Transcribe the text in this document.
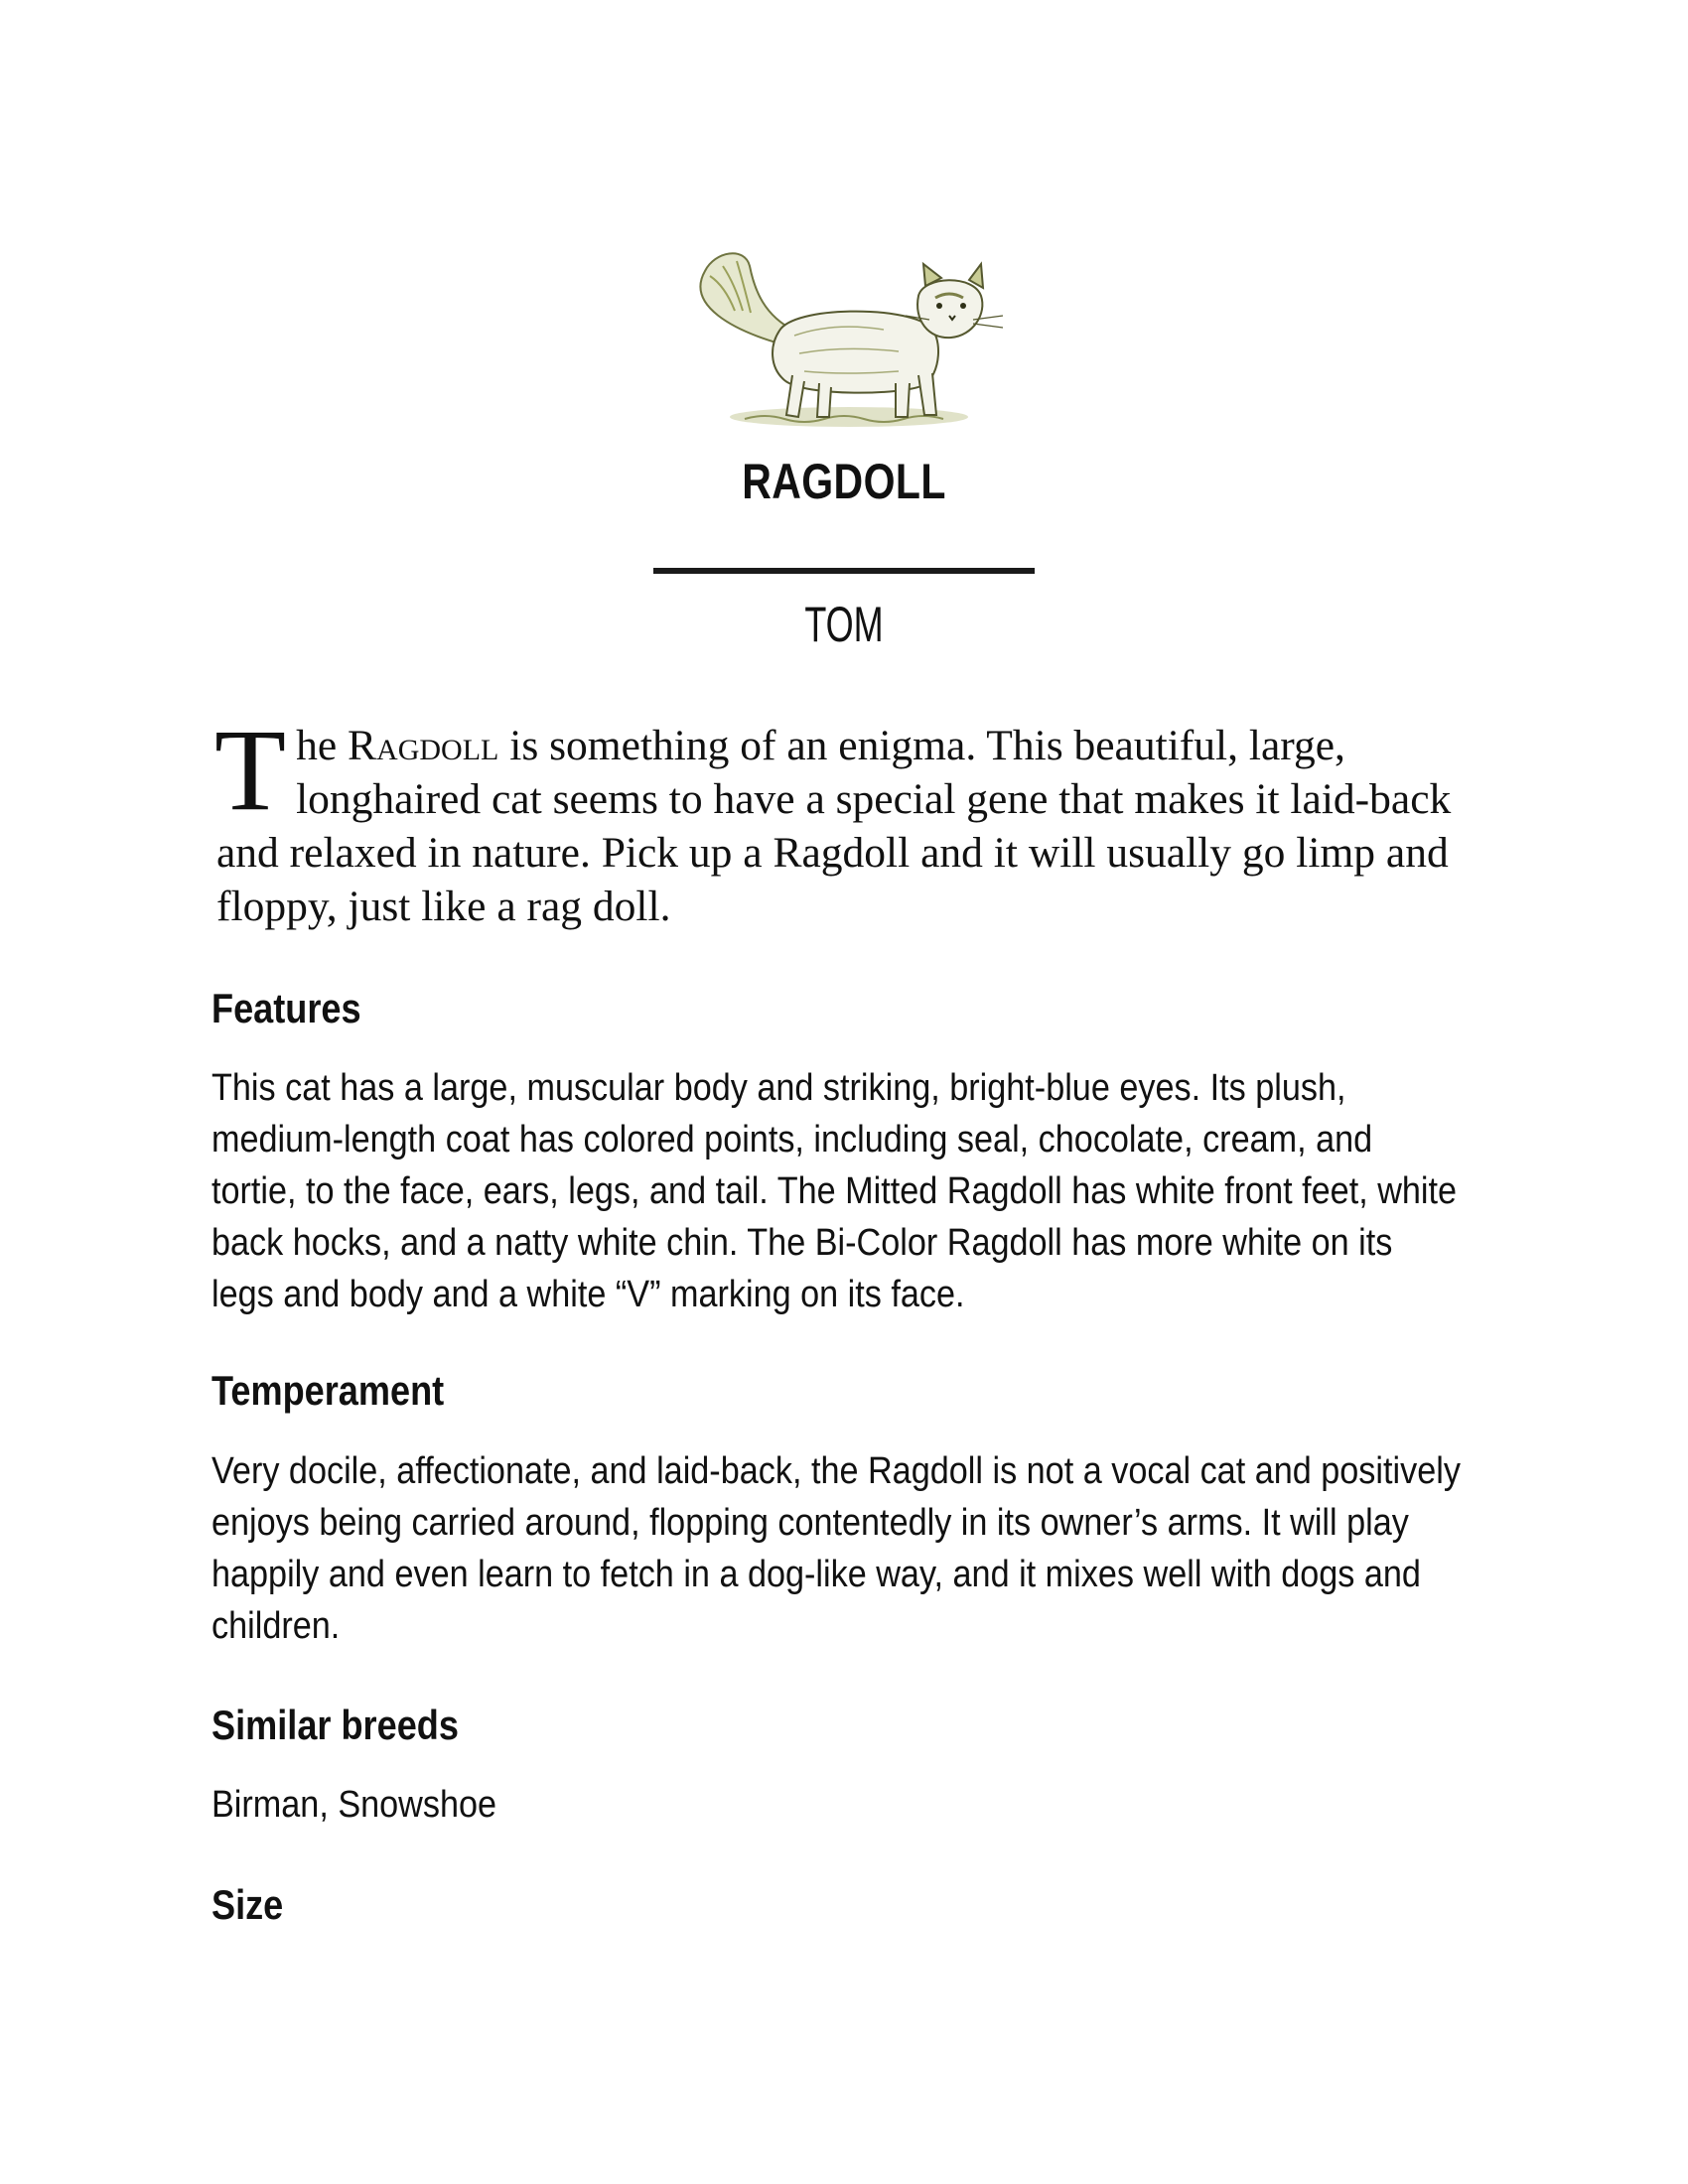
RAGDOLL
TOM

The Ragdoll is something of an enigma. This beautiful, large, longhaired cat seems to have a special gene that makes it laid-back and relaxed in nature. Pick up a Ragdoll and it will usually go limp and floppy, just like a rag doll.

Features

This cat has a large, muscular body and striking, bright-blue eyes. Its plush, medium-length coat has colored points, including seal, chocolate, cream, and tortie, to the face, ears, legs, and tail. The Mitted Ragdoll has white front feet, white back hocks, and a natty white chin. The Bi-Color Ragdoll has more white on its legs and body and a white “V” marking on its face.

Temperament

Very docile, affectionate, and laid-back, the Ragdoll is not a vocal cat and positively enjoys being carried around, flopping contentedly in its owner’s arms. It will play happily and even learn to fetch in a dog-like way, and it mixes well with dogs and children.

Similar breeds

Birman, Snowshoe

Size
